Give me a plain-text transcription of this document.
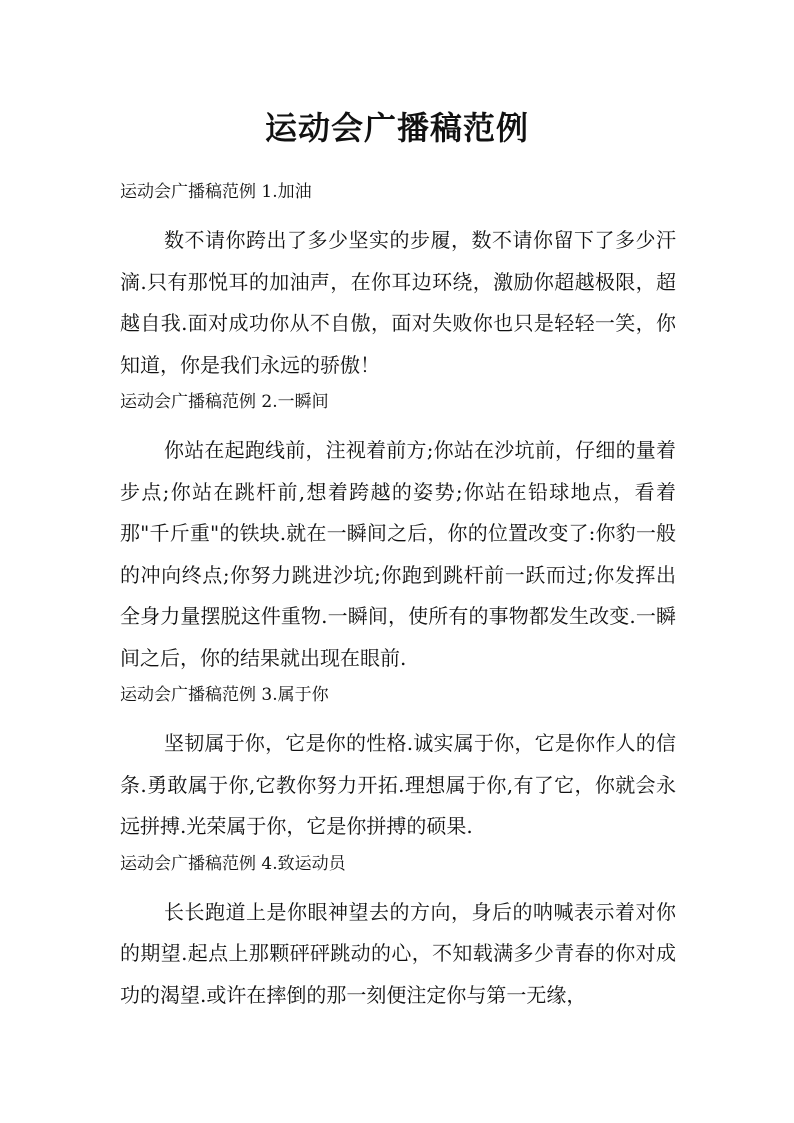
运动会广播稿范例
运动会广播稿范例 1.加油

数不请你跨出了多少坚实的步履，数不请你留下了多少汗滴.只有那悦耳的加油声，在你耳边环绕，激励你超越极限，超越自我.面对成功你从不自傲，面对失败你也只是轻轻一笑，你知道，你是我们永远的骄傲！

运动会广播稿范例 2.一瞬间

你站在起跑线前，注视着前方;你站在沙坑前，仔细的量着步点;你站在跳杆前,想着跨越的姿势;你站在铅球地点，看着那"千斤重"的铁块.就在一瞬间之后，你的位置改变了:你豹一般的冲向终点;你努力跳进沙坑;你跑到跳杆前一跃而过;你发挥出全身力量摆脱这件重物.一瞬间，使所有的事物都发生改变.一瞬间之后，你的结果就出现在眼前.

运动会广播稿范例 3.属于你

坚韧属于你，它是你的性格.诚实属于你，它是你作人的信条.勇敢属于你,它教你努力开拓.理想属于你,有了它，你就会永远拼搏.光荣属于你，它是你拼搏的硕果.

运动会广播稿范例 4.致运动员

长长跑道上是你眼神望去的方向，身后的呐喊表示着对你的期望.起点上那颗砰砰跳动的心，不知载满多少青春的你对成功的渴望.或许在摔倒的那一刻便注定你与第一无缘，
